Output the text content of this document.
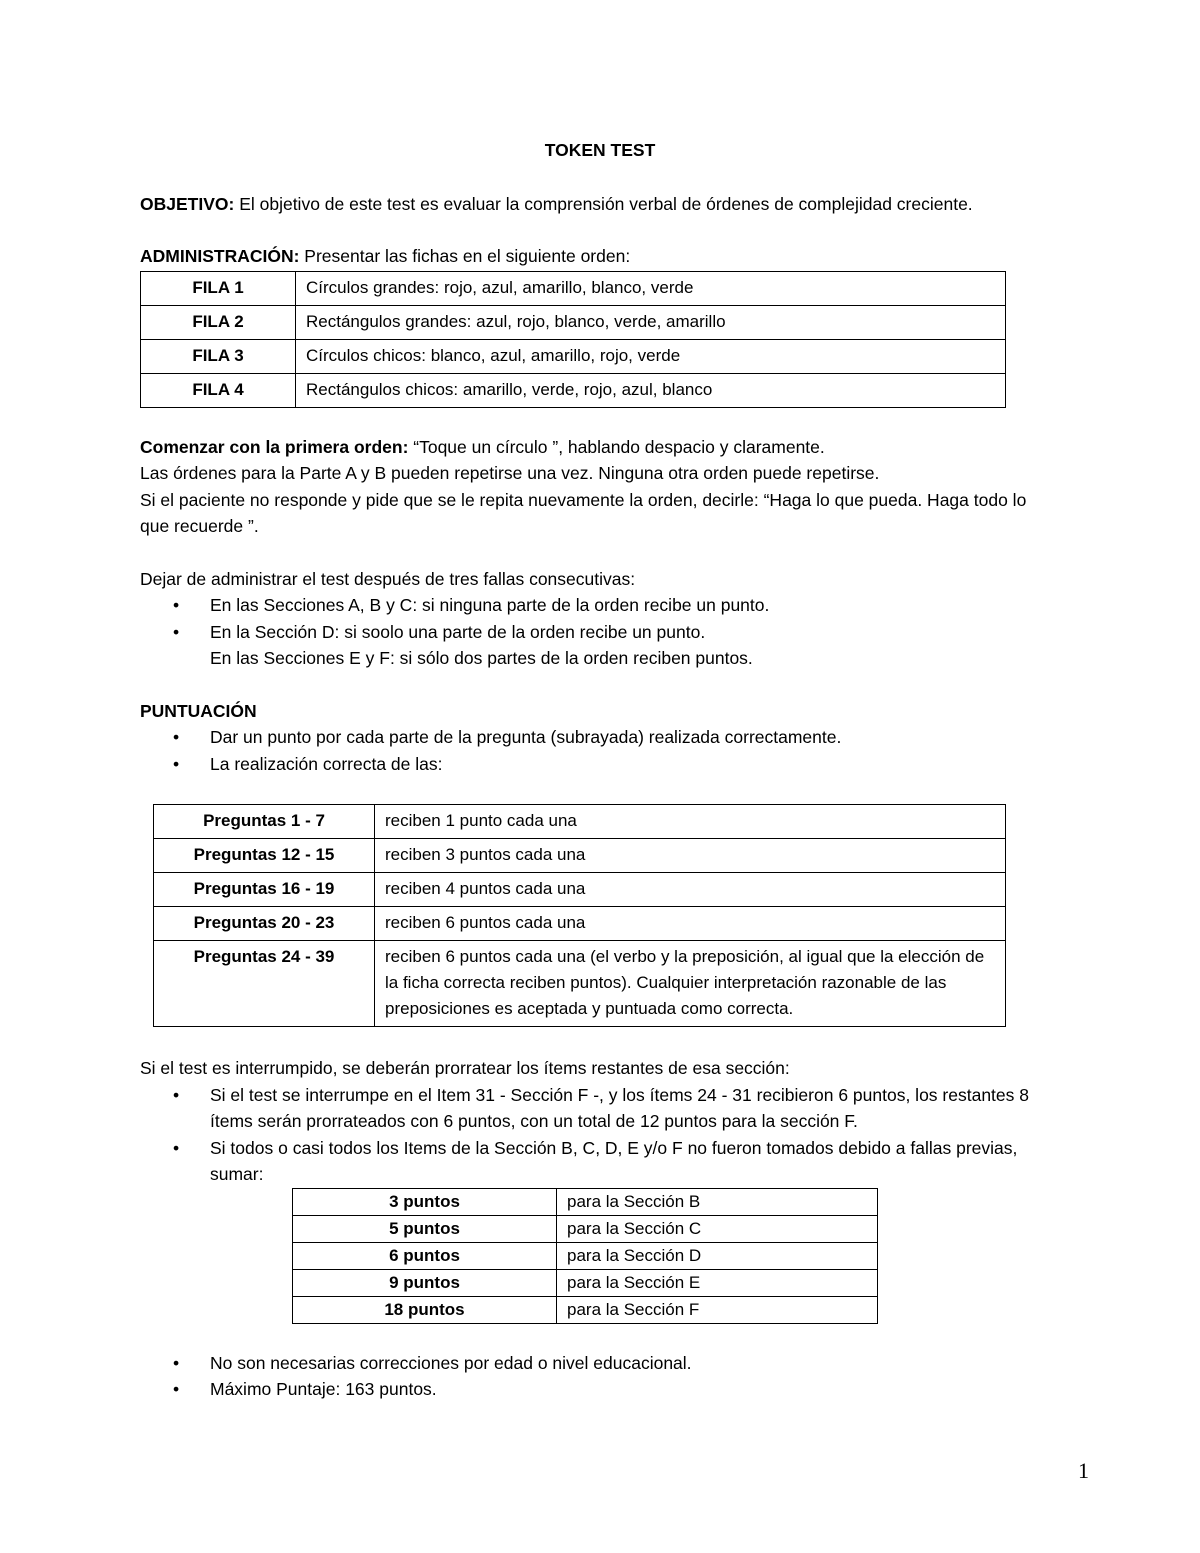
TOKEN TEST

OBJETIVO: El objetivo de este test es evaluar la comprensión verbal de órdenes de complejidad creciente.

ADMINISTRACIÓN: Presentar las fichas en el siguiente orden:

FILA 1	Círculos grandes: rojo, azul, amarillo, blanco, verde
FILA 2	Rectángulos grandes: azul, rojo, blanco, verde, amarillo
FILA 3	Círculos chicos: blanco, azul, amarillo, rojo, verde
FILA 4	Rectángulos chicos: amarillo, verde, rojo, azul, blanco

Comenzar con la primera orden: “Toque un círculo ”, hablando despacio y claramente.

Las órdenes para la Parte A y B pueden repetirse una vez. Ninguna otra orden puede repetirse.

Si el paciente no responde y pide que se le repita nuevamente la orden, decirle: “Haga lo que pueda. Haga todo lo que recuerde ”.

Dejar de administrar el test después de tres fallas consecutivas:

• En las Secciones A, B y C: si ninguna parte de la orden recibe un punto.
• En la Sección D: si soolo una parte de la orden recibe un punto.

En las Secciones E y F: si sólo dos partes de la orden reciben puntos.

PUNTUACIÓN

• Dar un punto por cada parte de la pregunta (subrayada) realizada correctamente.
• La realización correcta de las:
Preguntas 1 - 7	reciben 1 punto cada una
Preguntas 12 - 15	reciben 3 puntos cada una
Preguntas 16 - 19	reciben 4 puntos cada una
Preguntas 20 - 23	reciben 6 puntos cada una
Preguntas 24 - 39	reciben 6 puntos cada una (el verbo y la preposición, al igual que la elección de la ficha correcta reciben puntos). Cualquier interpretación razonable de las preposiciones es aceptada y puntuada como correcta.

Si el test es interrumpido, se deberán prorratear los ítems restantes de esa sección:

• Si el test se interrumpe en el Item 31 - Sección F -, y los ítems 24 - 31 recibieron 6 puntos, los restantes 8 ítems serán prorrateados con 6 puntos, con un total de 12 puntos para la sección F.
• Si todos o casi todos los Items de la Sección B, C, D, E y/o F no fueron tomados debido a fallas previas, sumar:
3 puntos	para la Sección B
5 puntos	para la Sección C
6 puntos	para la Sección D
9 puntos	para la Sección E
18 puntos	para la Sección F
• No son necesarias correcciones por edad o nivel educacional.
• Máximo Puntaje: 163 puntos.
1
